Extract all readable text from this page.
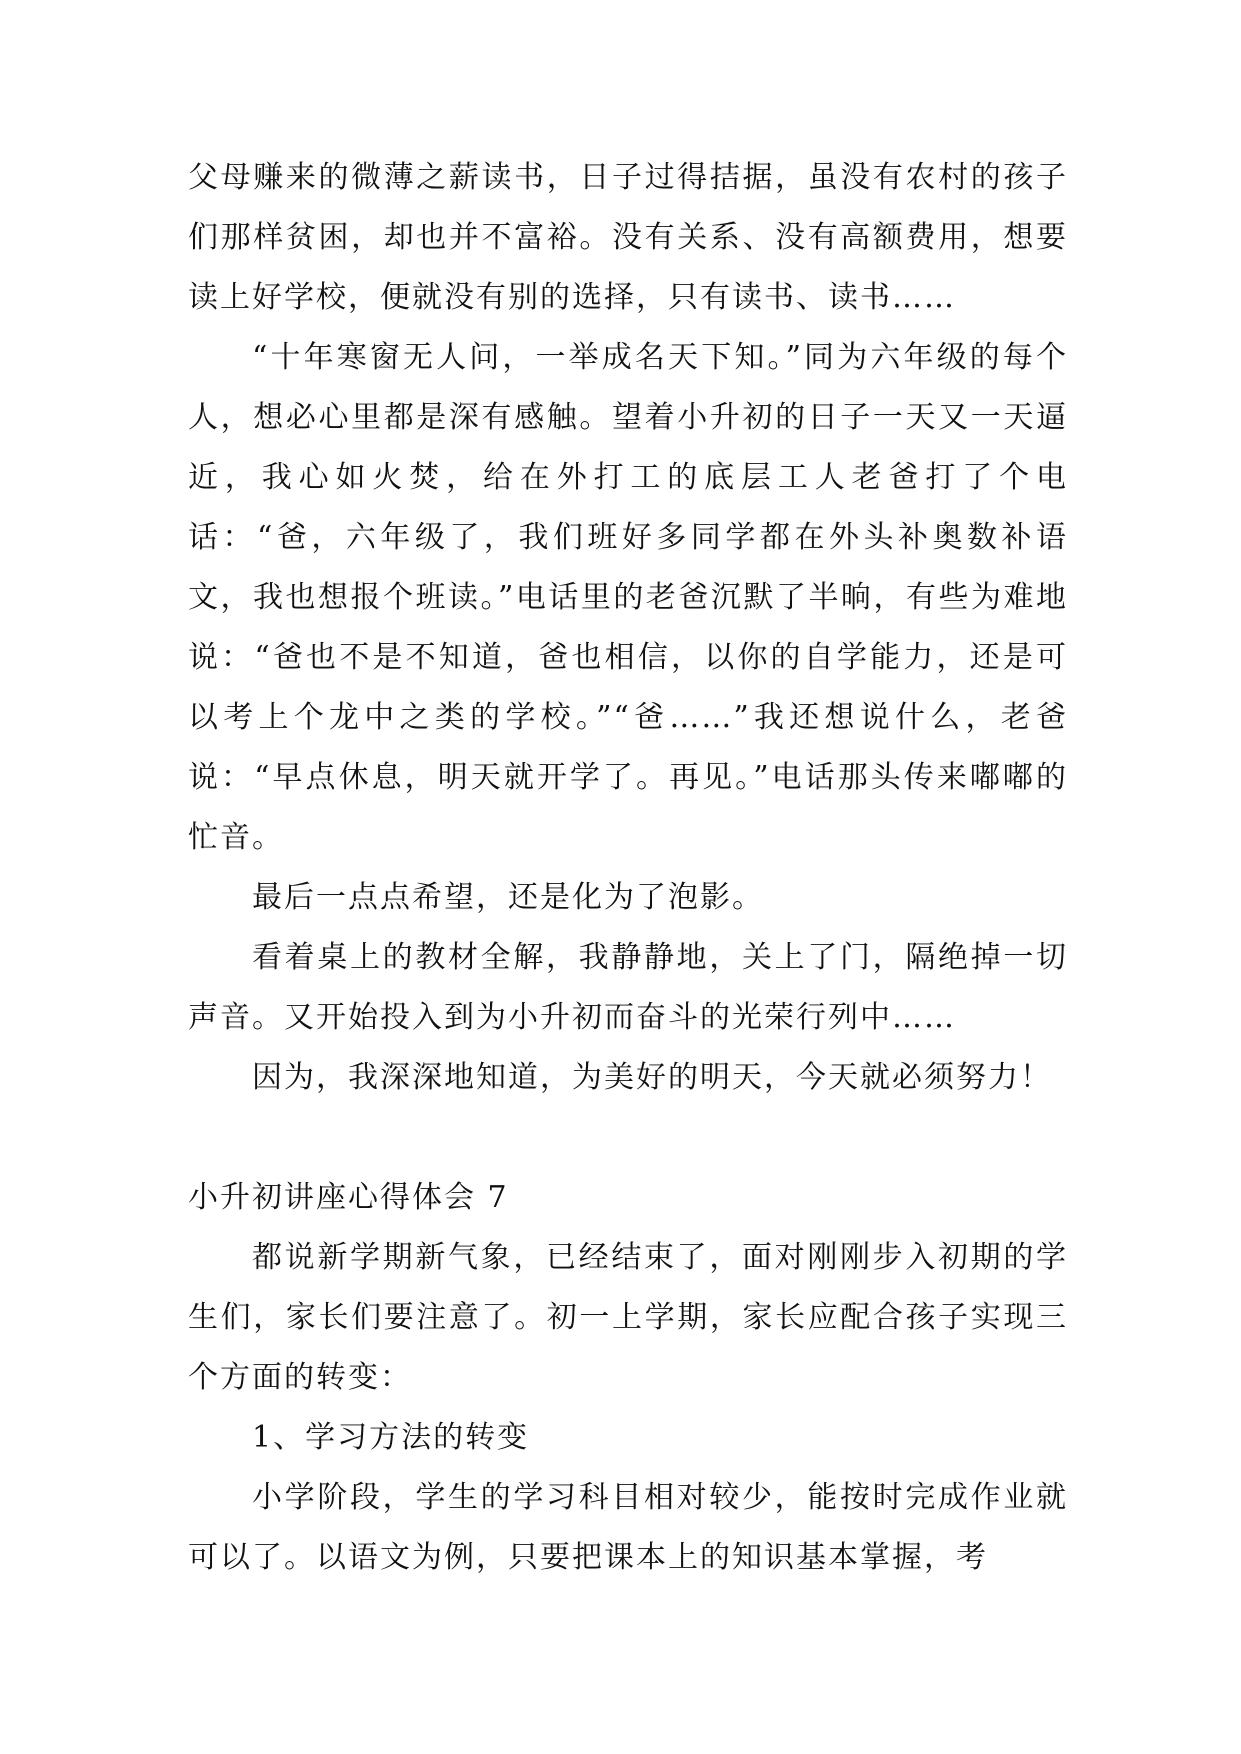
父母赚来的微薄之薪读书，日子过得拮据，虽没有农村的孩子们那样贫困，却也并不富裕。没有关系、没有高额费用，想要读上好学校，便就没有别的选择，只有读书、读书……

“十年寒窗无人问，一举成名天下知。”同为六年级的每个人，想必心里都是深有感触。望着小升初的日子一天又一天逼近，我心如火焚，给在外打工的底层工人老爸打了个电话：“爸，六年级了，我们班好多同学都在外头补奥数补语文，我也想报个班读。”电话里的老爸沉默了半晌，有些为难地说：“爸也不是不知道，爸也相信，以你的自学能力，还是可以考上个龙中之类的学校。”“爸……”我还想说什么，老爸说：“早点休息，明天就开学了。再见。”电话那头传来嘟嘟的忙音。

最后一点点希望，还是化为了泡影。

看着桌上的教材全解，我静静地，关上了门，隔绝掉一切声音。又开始投入到为小升初而奋斗的光荣行列中……

因为，我深深地知道，为美好的明天，今天就必须努力！

小升初讲座心得体会 7

都说新学期新气象，已经结束了，面对刚刚步入初期的学生们，家长们要注意了。初一上学期，家长应配合孩子实现三个方面的转变：

1、学习方法的转变

小学阶段，学生的学习科目相对较少，能按时完成作业就可以了。以语文为例，只要把课本上的知识基本掌握，考
